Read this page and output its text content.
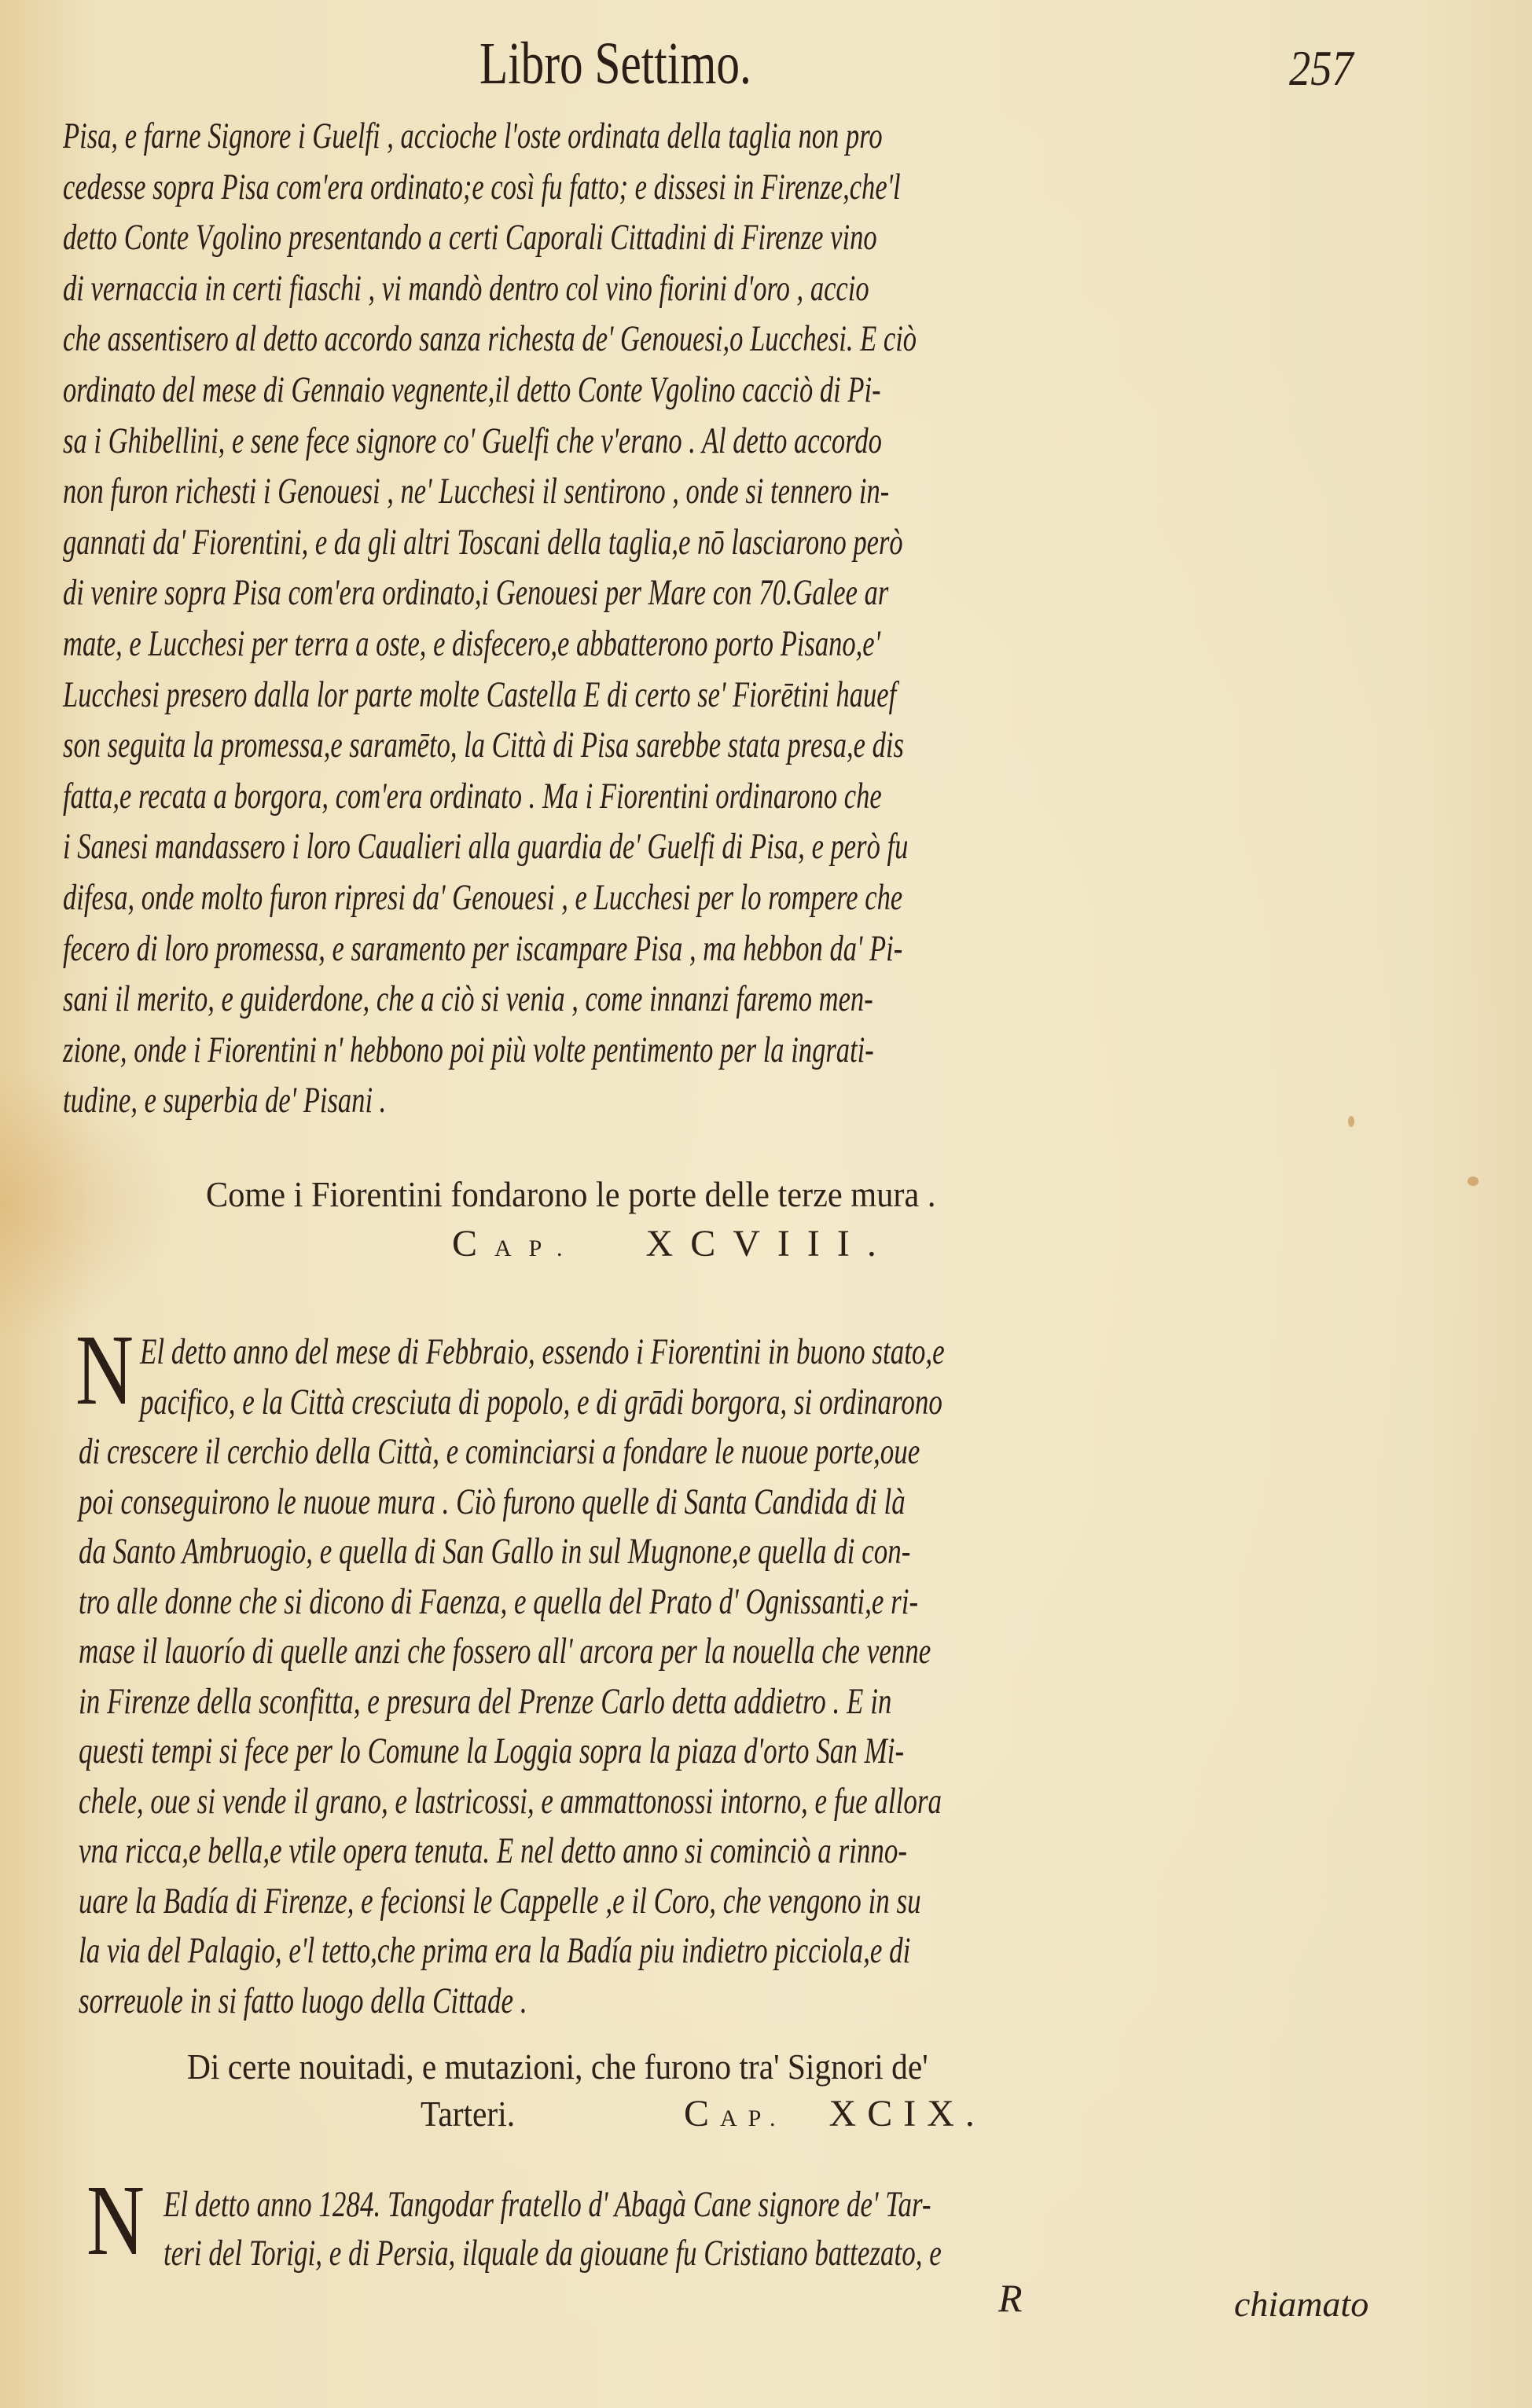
Libro Settimo.	257
Pisa, e farne Signore i Guelfi , acciochе l'oste ordinata della taglia non pro
cedesse sopra Pisa com'era ordinato;e così fu fatto; e dissesi in Firenze,che'l
detto Conte Vgolino presentando a certi Caporali Cittadini di Firenze vino
di vernaccia in certi fiaschi , vi mandò dentro col vino fiorini d'oro , accio
che assentisero al detto accordo sanza richesta de' Genouesi,o Lucchesi. E ciò
ordinato del mese di Gennaio vegnente,il detto Conte Vgolino cacciò di Pi-
sa i Ghibellini, e sene fece signore co' Guelfi che v'erano . Al detto accordo
non furon richesti i Genouesi , ne' Lucchesi il sentirono , onde si tennero in-
gannati da' Fiorentini, e da gli altri Toscani della taglia,e nō lasciarono però
di venire sopra Pisa com'era ordinato,i Genouesi per Mare con 70.Galee ar
mate, e Lucchesi per terra a oste, e disfecero,e abbatterono porto Pisano,e'
Lucchesi presero dalla lor parte molte Castella E di certo se' Fiorētini hauef
son seguita la promessa,e saramēto, la Città di Pisa sarebbe stata presa,e dis
fatta,e recata a borgora, com'era ordinato . Ma i Fiorentini ordinarono che
i Sanesi mandassero i loro Caualieri alla guardia de' Guelfi di Pisa, e però fu
difesa, onde molto furon ripresi da' Genouesi , e Lucchesi per lo rompere che
fecero di loro promessa, e saramento per iscampare Pisa , ma hebbon da' Pi-
sani il merito, e guiderdone, che a ciò si venia , come innanzi faremo men-
zione, onde i Fiorentini n' hebbono poi più volte pentimento per la ingrati-
tudine, e superbia de' Pisani .
Come i Fiorentini fondarono le porte delle terze mura .
CAP. XCVIII.
N El detto anno del mese di Febbraio, essendo i Fiorentini in buono stato,e
pacifico, e la Città cresciuta di popolo, e di grādi borgora, si ordinarono
di crescere il cerchio della Città, e cominciarsi a fondare le nuoue porte,oue
poi conseguirono le nuoue mura . Ciò furono quelle di Santa Candida di là
da Santo Ambruogio, e quella di San Gallo in sul Mugnone,e quella di con-
tro alle donne che si dicono di Faenza, e quella del Prato d' Ognissanti,e ri-
mase il lauorío di quelle anzi che fossero all' arcora per la nouella che venne
in Firenze della sconfitta, e presura del Prenze Carlo detta addietro . E in
questi tempi si fece per lo Comune la Loggia sopra la piaza d'orto San Mi-
chele, oue si vende il grano, e lastricossi, e ammattonossi intorno, e fue allora
vna ricca,e bella,e vtile opera tenuta. E nel detto anno si cominciò a rinno-
uare la Badía di Firenze, e fecionsi le Cappelle ,e il Coro, che vengono in su
la via del Palagio, e'l tetto,che prima era la Badía piu indietro picciola,e di
sorreuole in si fatto luogo della Cittade .
Di certe nouitadi, e mutazioni, che furono tra' Signori de'
Tarteri.	CAP. XCIX.
N El detto anno 1284. Tangodar fratello d' Abagà Cane signore de' Tar-
teri del Torigi, e di Persia, ilquale da giouane fu Cristiano battezato, e
R	chiamato
